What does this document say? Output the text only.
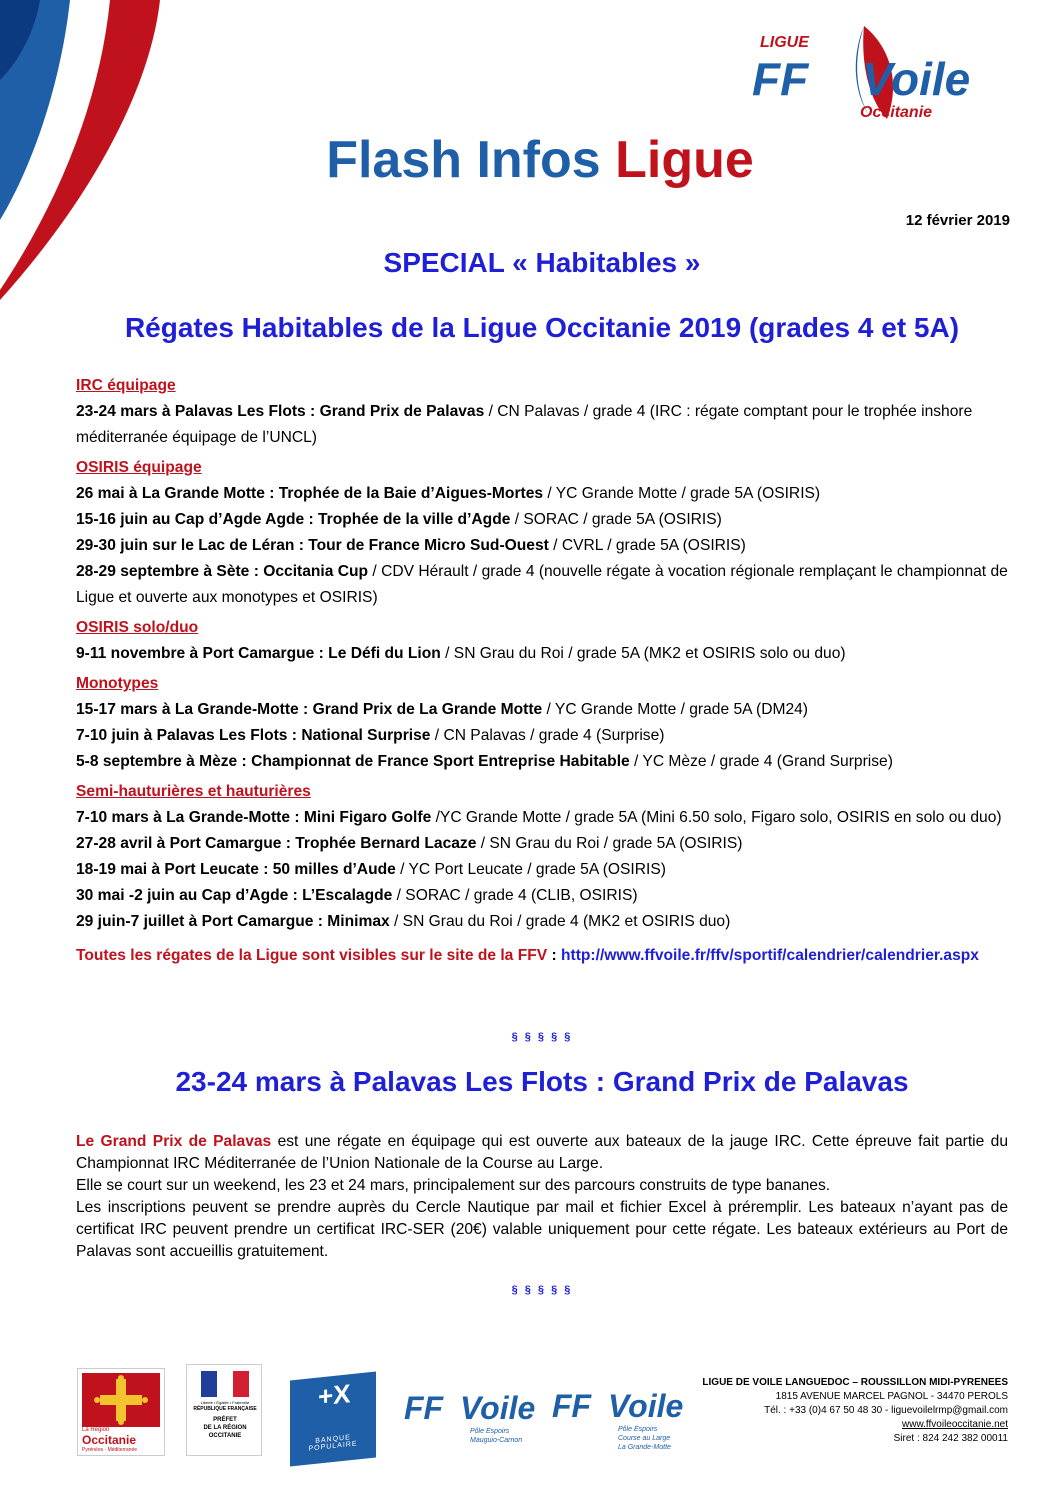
LIGUE
FF Voile
Occitanie
Flash Infos Ligue
12 février 2019
SPECIAL « Habitables »
Régates Habitables de la Ligue Occitanie 2019 (grades 4 et 5A)
IRC équipage
23-24 mars à Palavas Les Flots : Grand Prix de Palavas / CN Palavas / grade 4 (IRC : régate comptant pour le trophée inshore méditerranée équipage de l’UNCL)
OSIRIS équipage
26 mai à La Grande Motte : Trophée de la Baie d’Aigues-Mortes / YC Grande Motte / grade 5A (OSIRIS)
15-16 juin au Cap d’Agde Agde : Trophée de la ville d’Agde / SORAC / grade 5A (OSIRIS)
29-30 juin sur le Lac de Léran : Tour de France Micro Sud-Ouest / CVRL / grade 5A (OSIRIS)
28-29 septembre à Sète : Occitania Cup / CDV Hérault / grade 4 (nouvelle régate à vocation régionale remplaçant le championnat de Ligue et ouverte aux monotypes et OSIRIS)
OSIRIS solo/duo
9-11 novembre à Port Camargue : Le Défi du Lion / SN Grau du Roi / grade 5A (MK2 et OSIRIS solo ou duo)
Monotypes
15-17 mars à La Grande-Motte : Grand Prix de La Grande Motte / YC Grande Motte / grade 5A (DM24)
7-10 juin à Palavas Les Flots : National Surprise / CN Palavas / grade 4 (Surprise)
5-8 septembre à Mèze : Championnat de France Sport Entreprise Habitable / YC Mèze / grade 4 (Grand Surprise)
Semi-hauturières et hauturières
7-10 mars à La Grande-Motte : Mini Figaro Golfe /YC Grande Motte / grade 5A (Mini 6.50 solo, Figaro solo, OSIRIS en solo ou duo)
27-28 avril à Port Camargue : Trophée Bernard Lacaze / SN Grau du Roi / grade 5A (OSIRIS)
18-19 mai à Port Leucate : 50 milles d’Aude / YC Port Leucate / grade 5A (OSIRIS)
30 mai -2 juin au Cap d’Agde : L’Escalagde / SORAC / grade 4 (CLIB, OSIRIS)
29 juin-7 juillet à Port Camargue : Minimax / SN Grau du Roi / grade 4 (MK2 et OSIRIS duo)
Toutes les régates de la Ligue sont visibles sur le site de la FFV : http://www.ffvoile.fr/ffv/sportif/calendrier/calendrier.aspx
§ § § § §
23-24 mars à Palavas Les Flots : Grand Prix de Palavas
Le Grand Prix de Palavas est une régate en équipage qui est ouverte aux bateaux de la jauge IRC. Cette épreuve fait partie du Championnat IRC Méditerranée de l’Union Nationale de la Course au Large.
Elle se court sur un weekend, les 23 et 24 mars, principalement sur des parcours construits de type bananes.
Les inscriptions peuvent se prendre auprès du Cercle Nautique par mail et fichier Excel à préremplir. Les bateaux n’ayant pas de certificat IRC peuvent prendre un certificat IRC-SER (20€) valable uniquement pour cette régate. Les bateaux extérieurs au Port de Palavas sont accueillis gratuitement.
§ § § § §
La Région
Occitanie
Pyrénées · Méditerranée
Liberté • Égalité • Fraternité
RÉPUBLIQUE FRANÇAISE
PRÉFET
DE LA RÉGION
OCCITANIE
+X
BANQUE POPULAIRE
FF Voile
Pôle Espoirs
Mauguio-Carnon
FF Voile
Pôle Espoirs
Course au Large
La Grande-Motte
LIGUE DE VOILE LANGUEDOC – ROUSSILLON MIDI-PYRENEES
1815 AVENUE MARCEL PAGNOL - 34470 PEROLS
Tél. : +33 (0)4 67 50 48 30 - liguevoilelrmp@gmail.com
www.ffvoileoccitanie.net
Siret : 824 242 382 00011
